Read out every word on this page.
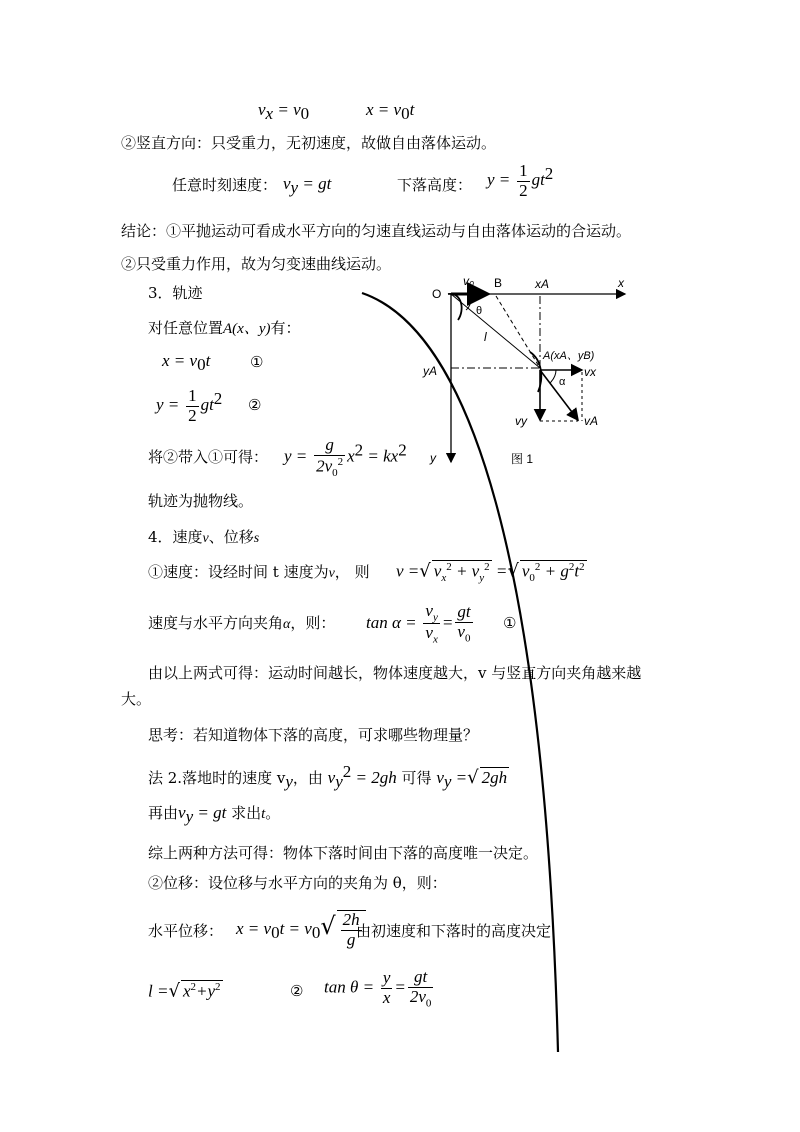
O
v₀ B	xA	x
θ
l
A(xA、yB)
yA	vx
α
vy	vA
y	图 1
$v_x = v_0$	$x = v_0t$
②竖直方向：只受重力，无初速度，故做自由落体运动。
任意时刻速度： $v_y$ = gt	下落高度： $y = \frac{1}{2} gt^2$
结论：①平抛运动可看成水平方向的匀速直线运动与自由落体运动的合运动。
②只受重力作用，故为匀变速曲线运动。
3．轨迹
对任意位置A(x、y)有：
$x = v_0t$	①
$y = \frac{1}{2} gt^2$ ②
将②带入①可得： $y = \frac{g}{2v_0^2} x^2 = kx^2$
轨迹为抛物线。
4．速度v、位移s
①速度：设经时间 t 速度为v， 则 v =√ $v_x^2 + v_y^2$ =√ $v_0^2 + g^2t^2$
速度与水平方向夹角α，则： $\tan \alpha = \frac{v_y}{v_x} = \frac{gt}{v_0}$ ①
由以上两式可得：运动时间越长，物体速度越大，v 与竖直方向夹角越来越
大。
思考：若知道物体下落的高度，可求哪些物理量？
法 2.落地时的速度 $v_y$，由 $v_y^2 = 2gh$ 可得 $v_y$ =√ 2gh
再由$v_y$ = gt 求出t。
综上两种方法可得：物体下落时间由下落的高度唯一决定。
②位移：设位移与水平方向的夹角为 θ，则：
水平位移： $x = v_0t = v_0√ \frac{2h}{g}$
由初速度和下落时的高度决定
l =√ $x^2+y^2$	② $\tan \theta = \frac{y}{x} = \frac{gt}{2v_0}$
